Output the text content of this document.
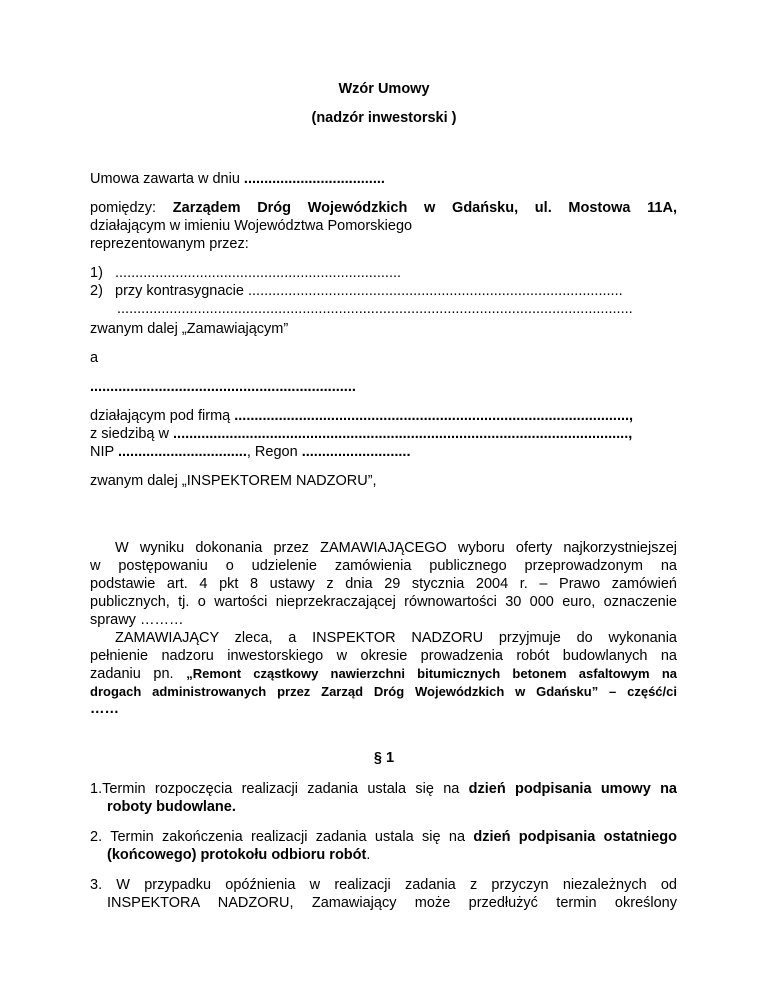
Wzór Umowy
(nadzór inwestorski )
Umowa zawarta w dniu ...................................
pomiędzy: Zarządem Dróg Wojewódzkich w Gdańsku, ul. Mostowa 11A,
działającym w imieniu Województwa Pomorskiego
reprezentowanym przez:
1) .......................................................................
2) przy kontrasygnacie .............................................................................................
................................................................................................................................
zwanym dalej „Zamawiającym”
a
..................................................................
działającym pod firmą ..................................................................................................,
z siedzibą w .................................................................................................................,
NIP ................................, Regon ...........................
zwanym dalej „INSPEKTOREM NADZORU”,
W wyniku dokonania przez ZAMAWIAJĄCEGO wyboru oferty najkorzystniejszej
w postępowaniu o udzielenie zamówienia publicznego przeprowadzonym na
podstawie art. 4 pkt 8 ustawy z dnia 29 stycznia 2004 r. – Prawo zamówień
publicznych, tj. o wartości nieprzekraczającej równowartości 30 000 euro, oznaczenie
sprawy ………
ZAMAWIAJĄCY zleca, a INSPEKTOR NADZORU przyjmuje do wykonania
pełnienie nadzoru inwestorskiego w okresie prowadzenia robót budowlanych na
zadaniu pn. „Remont cząstkowy nawierzchni bitumicznych betonem asfaltowym na
drogach administrowanych przez Zarząd Dróg Wojewódzkich w Gdańsku” – część/ci
……
§ 1
1.Termin rozpoczęcia realizacji zadania ustala się na dzień podpisania umowy na
roboty budowlane.
2. Termin zakończenia realizacji zadania ustala się na dzień podpisania ostatniego
(końcowego) protokołu odbioru robót.
3. W przypadku opóźnienia w realizacji zadania z przyczyn niezależnych od
INSPEKTORA NADZORU, Zamawiający może przedłużyć termin określony
